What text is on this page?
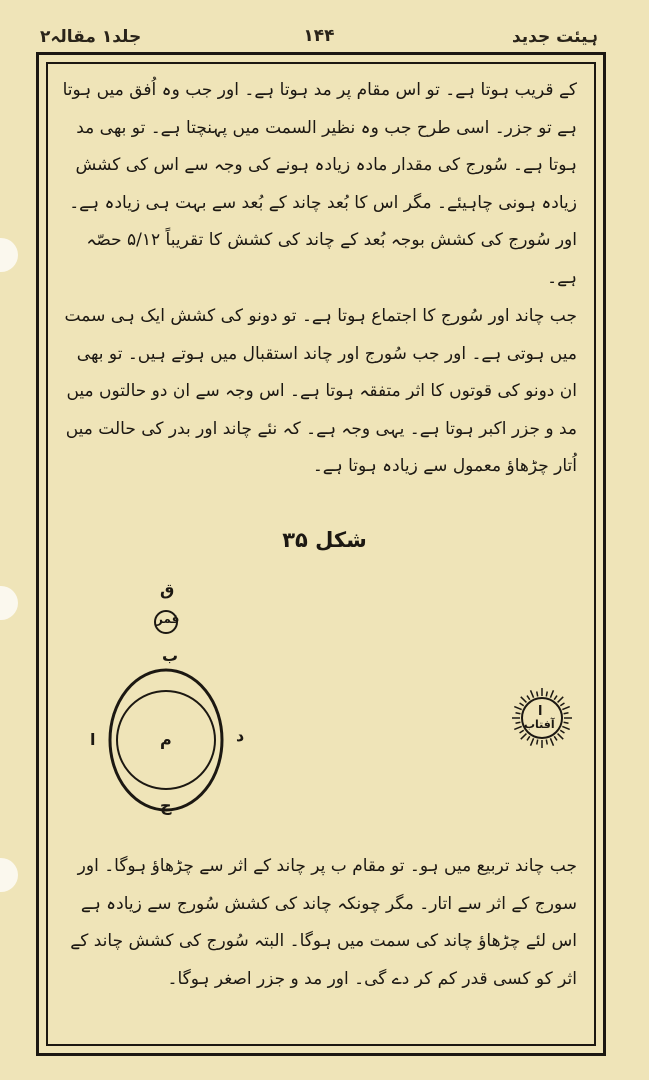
ہیئت جدید
۱۴۴
جلد۱ مقالہ۲
کے قریب ہوتا ہے۔ تو اس مقام پر مد ہوتا ہے۔ اور جب وہ اُفق میں ہوتا ہے تو جزر۔ اسی طرح جب وہ نظیر السمت میں پہنچتا ہے۔ تو بھی مد ہوتا ہے۔ سُورج کی مقدار مادہ زیادہ ہونے کی وجہ سے اس کی کشش زیادہ ہونی چاہیئے۔ مگر اس کا بُعد چاند کے بُعد سے بہت ہی زیادہ ہے۔ اور سُورج کی کشش بوجہ بُعد کے چاند کی کشش کا تقریباً ۵/۱۲ حصّہ ہے۔
جب چاند اور سُورج کا اجتماع ہوتا ہے۔ تو دونو کی کشش ایک ہی سمت میں ہوتی ہے۔ اور جب سُورج اور چاند استقبال میں ہوتے ہیں۔ تو بھی ان دونو کی قوتوں کا اثر متفقہ ہوتا ہے۔ اس وجہ سے ان دو حالتوں میں مد و جزر اکبر ہوتا ہے۔ یہی وجہ ہے۔ کہ نئے چاند اور بدر کی حالت میں اُتار چڑھاؤ معمول سے زیادہ ہوتا ہے۔
شکل ۳۵
ق
قمر
ب
م
ج
ا	د
ا
آفتاب
جب چاند تربیع میں ہو۔ تو مقام ب پر چاند کے اثر سے چڑھاؤ ہوگا۔ اور سورج کے اثر سے اتار۔ مگر چونکہ چاند کی کشش سُورج سے زیادہ ہے اس لئے چڑھاؤ چاند کی سمت میں ہوگا۔ البتہ سُورج کی کشش چاند کے اثر کو کسی قدر کم کر دے گی۔ اور مد و جزر اصغر ہوگا۔
